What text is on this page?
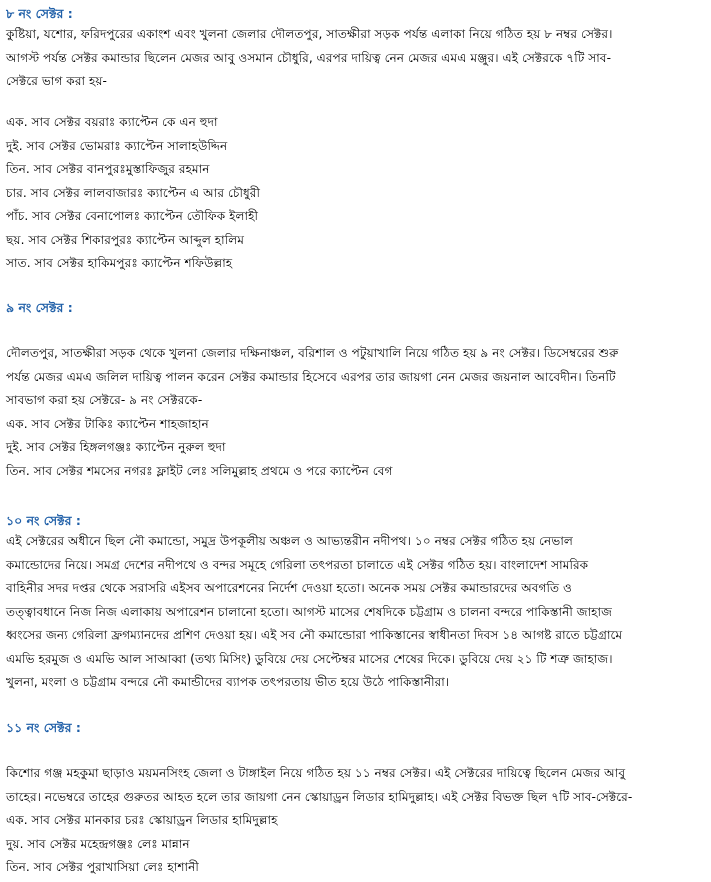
৮ নং সেক্টর :
কুষ্টিয়া, যশোর, ফরিদপুরের একাংশ এবং খুলনা জেলার দৌলতপুর, সাতক্ষীরা সড়ক পর্যন্ত এলাকা নিয়ে গঠিত হয় ৮ নম্বর সেক্টর।
আগস্ট পর্যন্ত সেক্টর কমান্ডার ছিলেন মেজর আবু ওসমান চৌধুরি, এরপর দায়িত্ব নেন মেজর এমএ মঞ্জুর। এই সেক্টরকে ৭টি সাব-
সেক্টরে ভাগ করা হয়-
এক. সাব সেক্টর বয়রাঃ ক্যাপ্টেন কে এন হুদা
দুই. সাব সেক্টর ভোমরাঃ ক্যাপ্টেন সালাহউদ্দিন
তিন. সাব সেক্টর বানপুরঃমুস্তাফিজুর রহমান
চার. সাব সেক্টর লালবাজারঃ ক্যাপ্টেন এ আর চৌধুরী
পাঁচ. সাব সেক্টর বেনাপোলঃ ক্যাপ্টেন তৌফিক ইলাহী
ছয়. সাব সেক্টর শিকারপুরঃ ক্যাপ্টেন আব্দুল হালিম
সাত. সাব সেক্টর হাকিমপুরঃ ক্যাপ্টেন শফিউল্লাহ
৯ নং সেক্টর :
দৌলতপুর, সাতক্ষীরা সড়ক থেকে খুলনা জেলার দক্ষিনাঞ্চল, বরিশাল ও পটুয়াখালি নিয়ে গঠিত হয় ৯ নং সেক্টর। ডিসেম্বরের শুরু
পর্যন্ত মেজর এমএ জলিল দায়িত্ব পালন করেন সেক্টর কমান্ডার হিসেবে এরপর তার জায়গা নেন মেজর জয়নাল আবেদীন। তিনটি
সাবভাগ করা হয় সেক্টরে- ৯ নং সেক্টরকে-
এক. সাব সেক্টর টাকিঃ ক্যাপ্টেন শাহজাহান
দুই. সাব সেক্টর হিঙ্গলগঞ্জঃ ক্যাপ্টেন নুরুল হুদা
তিন. সাব সেক্টর শমসের নগরঃ ফ্লাইট লেঃ সলিমুল্লাহ প্রথমে ও পরে ক্যাপ্টেন বেগ
১০ নং সেক্টর :
এই সেক্টরের অধীনে ছিল নৌ কমান্ডো, সমুদ্র উপকূলীয় অঞ্চল ও আভ্যন্তরীন নদীপথ। ১০ নম্বর সেক্টর গঠিত হয় নেভাল
কমান্ডোদের নিয়ে। সমগ্র দেশের নদীপথে ও বন্দর সমূহে গেরিলা তৎপরতা চালাতে এই সেক্টর গঠিত হয়। বাংলাদেশ সামরিক
বাহিনীর সদর দপ্তর থেকে সরাসরি এইসব অপারেশনের নির্দেশ দেওয়া হতো। অনেক সময় সেক্টর কমান্ডারদের অবগতি ও
তত্ত্বাবধানে নিজ নিজ এলাকায় অপারেশন চালানো হতো। আগস্ট মাসের শেষদিকে চট্টগ্রাম ও চালনা বন্দরে পাকিস্তানী জাহাজ
ধ্বংসের জন্য গেরিলা ফ্রগম্যানদের প্রশিণ দেওয়া হয়। এই সব নৌ কমান্ডোরা পাকিস্তানের স্বাধীনতা দিবস ১৪ আগষ্ট রাতে চট্টগ্রামে
এমভি হরমুজ ও এমভি আল সাআব্বা (তথ্য মিসিং) ডুবিয়ে দেয় সেপ্টেম্বর মাসের শেষের দিকে। ডুবিয়ে দেয় ২১ টি শত্রু জাহাজ।
খুলনা, মংলা ও চট্টগ্রাম বন্দরে নৌ কমান্ডীদের ব্যাপক তৎপরতায় ভীত হয়ে উঠে পাকিস্তানীরা।
১১ নং সেক্টর :
কিশোর গঞ্জ মহকুমা ছাড়াও ময়মনসিংহ জেলা ও টাঙ্গাইল নিয়ে গঠিত হয় ১১ নম্বর সেক্টর। এই সেক্টরের দায়িত্বে ছিলেন মেজর আবু
তাহের। নভেম্বরে তাহের গুরুতর আহত হলে তার জায়গা নেন স্কোয়াড্রন লিডার হামিদুল্লাহ। এই সেক্টর বিভক্ত ছিল ৭টি সাব-সেক্টরে-
এক. সাব সেক্টর মানকার চরঃ স্কোয়াড্রন লিডার হামিদুল্লাহ
দুয়. সাব সেক্টর মহেন্দ্রগঞ্জঃ লেঃ মান্নান
তিন. সাব সেক্টর পুরাখাসিয়া লেঃ হাশানী
